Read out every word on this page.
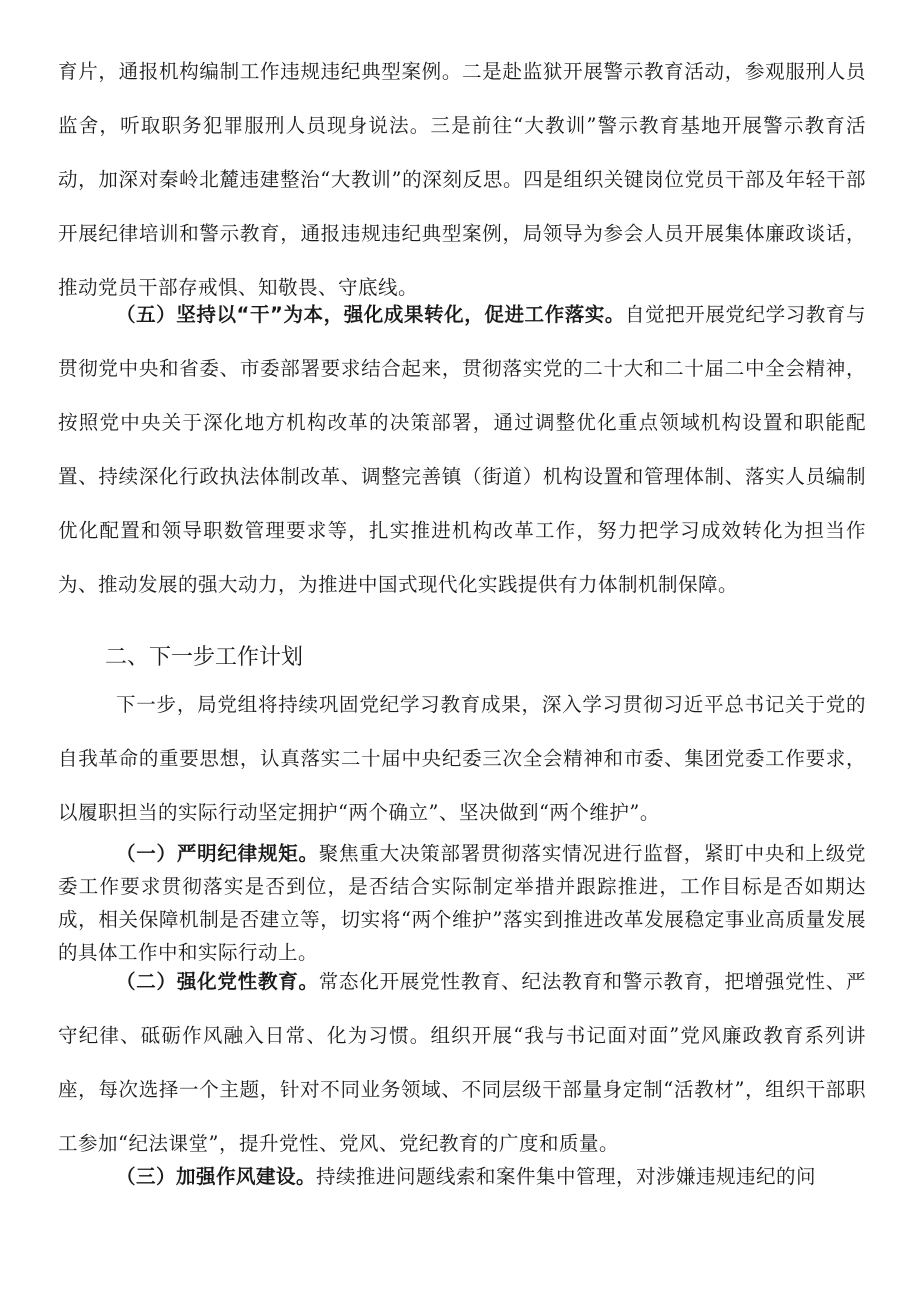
育片，通报机构编制工作违规违纪典型案例。二是赴监狱开展警示教育活动，参观服刑人员监舍，听取职务犯罪服刑人员现身说法。三是前往“大教训”警示教育基地开展警示教育活动，加深对秦岭北麓违建整治“大教训”的深刻反思。四是组织关键岗位党员干部及年轻干部开展纪律培训和警示教育，通报违规违纪典型案例，局领导为参会人员开展集体廉政谈话，推动党员干部存戒惧、知敬畏、守底线。

（五）坚持以“干”为本，强化成果转化，促进工作落实。自觉把开展党纪学习教育与贯彻党中央和省委、市委部署要求结合起来，贯彻落实党的二十大和二十届二中全会精神，按照党中央关于深化地方机构改革的决策部署，通过调整优化重点领域机构设置和职能配置、持续深化行政执法体制改革、调整完善镇（街道）机构设置和管理体制、落实人员编制优化配置和领导职数管理要求等，扎实推进机构改革工作，努力把学习成效转化为担当作为、推动发展的强大动力，为推进中国式现代化实践提供有力体制机制保障。

二、下一步工作计划

下一步，局党组将持续巩固党纪学习教育成果，深入学习贯彻习近平总书记关于党的自我革命的重要思想，认真落实二十届中央纪委三次全会精神和市委、集团党委工作要求，以履职担当的实际行动坚定拥护“两个确立”、坚决做到“两个维护”。

（一）严明纪律规矩。聚焦重大决策部署贯彻落实情况进行监督，紧盯中央和上级党委工作要求贯彻落实是否到位，是否结合实际制定举措并跟踪推进，工作目标是否如期达成，相关保障机制是否建立等，切实将“两个维护”落实到推进改革发展稳定事业高质量发展的具体工作中和实际行动上。

（二）强化党性教育。常态化开展党性教育、纪法教育和警示教育，把增强党性、严守纪律、砥砺作风融入日常、化为习惯。组织开展“我与书记面对面”党风廉政教育系列讲座，每次选择一个主题，针对不同业务领域、不同层级干部量身定制“活教材”，组织干部职工参加“纪法课堂”，提升党性、党风、党纪教育的广度和质量。

（三）加强作风建设。持续推进问题线索和案件集中管理，对涉嫌违规违纪的问
